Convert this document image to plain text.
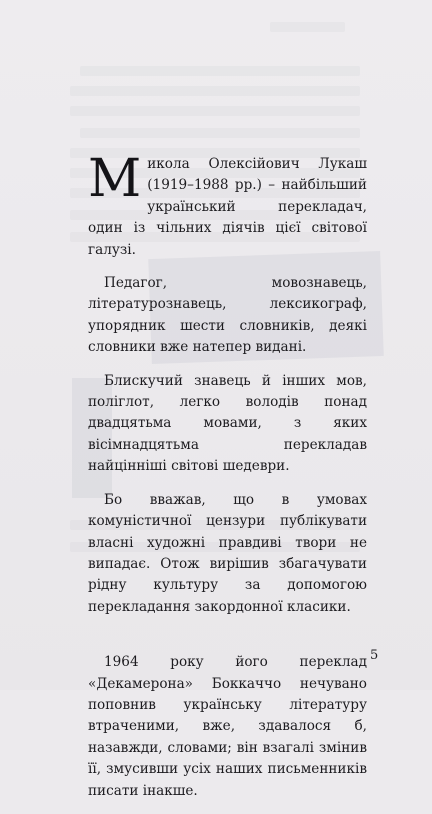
Микола Олексійович Лукаш (1919–1988 рр.) – найбільший український перекладач, один із чільних діячів цієї світової галузі.

Педагог, мовознавець, літературознавець, лексикограф, упорядник шести словників, деякі словники вже натепер видані.

Блискучий знавець й інших мов, поліглот, легко володів понад двадцятьма мовами, з яких вісімнадцятьма перекладав найцінніші світові шедеври.

Бо вважав, що в умовах комуністичної цензури публікувати власні художні правдиві твори не випадає. Отож вирішив збагачувати рідну культуру за допомогою перекладання закордонної класики.

1964 року його переклад «Декамерона» Боккаччо нечувано поповнив українську літературу втраченими, вже, здавалося б, назавжди, словами; він взагалі змінив її, змусивши усіх наших письменників писати інакше.

5
